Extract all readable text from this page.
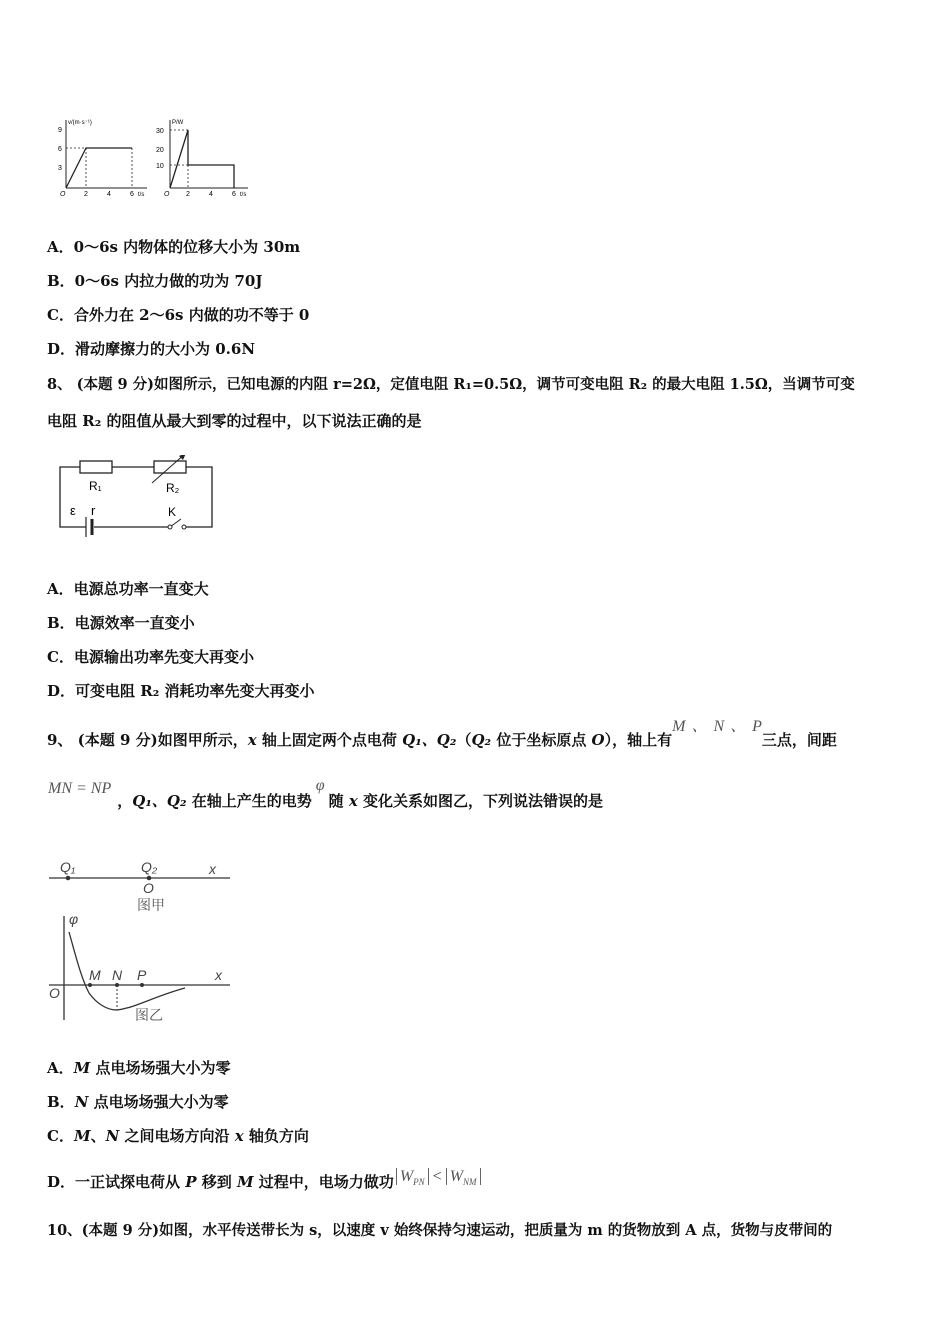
v/(m·s⁻¹)
9
6
3
O	2	4	6 t/s
P/W
30
20
10
O 2	4	6 t/s
A．0～6s 内物体的位移大小为 30m
B．0～6s 内拉力做的功为 70J
C．合外力在 2～6s 内做的功不等于 0
D．滑动摩擦力的大小为 0.6N
8、 (本题 9 分)如图所示，已知电源的内阻 r=2Ω，定值电阻 R₁=0.5Ω，调节可变电阻 R₂ 的最大电阻 1.5Ω，当调节可变
电阻 R₂ 的阻值从最大到零的过程中，以下说法正确的是
R₁	R₂
ε r	K
A．电源总功率一直变大
B．电源效率一直变小
C．电源输出功率先变大再变小
D．可变电阻 R₂ 消耗功率先变大再变小
9、 (本题 9 分)如图甲所示，x 轴上固定两个点电荷 Q₁、Q₂（Q₂ 位于坐标原点 O），轴上有M 、 N 、 P三点，间距
MN = NP，Q₁、Q₂ 在轴上产生的电势φ随 x 变化关系如图乙，下列说法错误的是
Q₁	Q₂
O
x
图甲
φ
O
M N P	x
图乙
A．M 点电场场强大小为零
B．N 点电场场强大小为零
C．M、N 之间电场方向沿 x 轴负方向
D．一正试探电荷从 P 移到 M 过程中，电场力做功 $W_{PN} < W_{NM}$
10、(本题 9 分)如图，水平传送带长为 s，以速度 v 始终保持匀速运动，把质量为 m 的货物放到 A 点，货物与皮带间的
